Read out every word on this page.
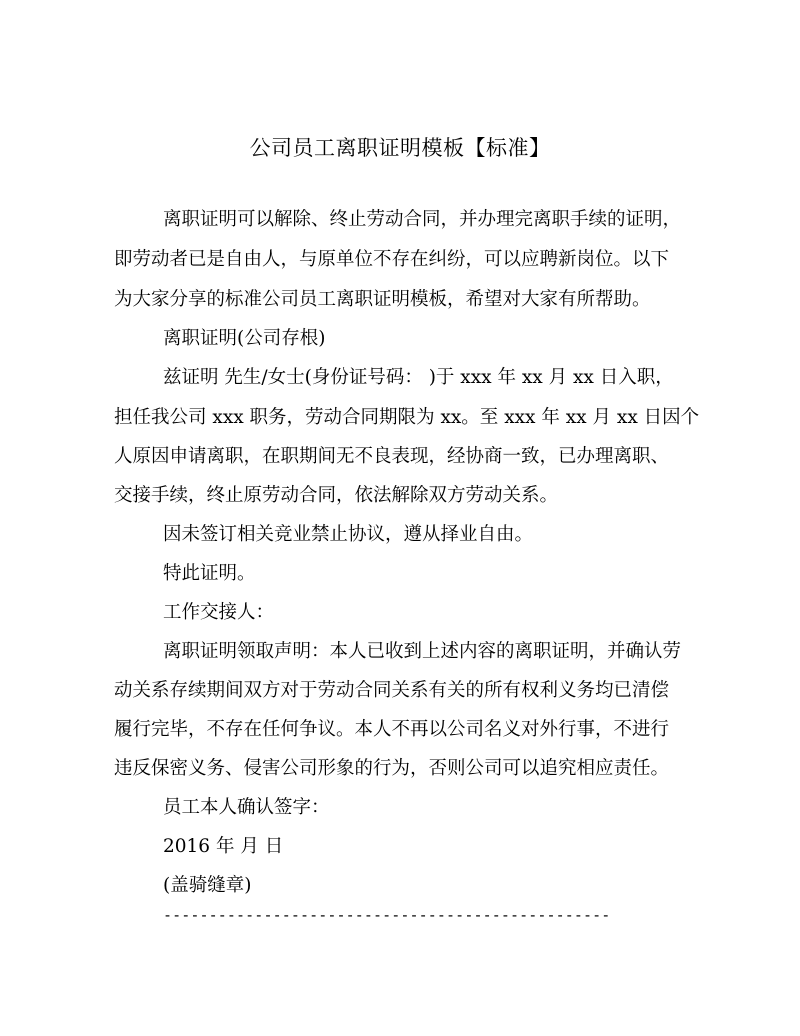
公司员工离职证明模板【标准】
离职证明可以解除、终止劳动合同，并办理完离职手续的证明，
即劳动者已是自由人，与原单位不存在纠纷，可以应聘新岗位。以下
为大家分享的标准公司员工离职证明模板，希望对大家有所帮助。
离职证明(公司存根)
兹证明 先生/女士(身份证号码： )于 xxx 年 xx 月 xx 日入职，
担任我公司 xxx 职务，劳动合同期限为 xx。至 xxx 年 xx 月 xx 日因个
人原因申请离职，在职期间无不良表现，经协商一致，已办理离职、
交接手续，终止原劳动合同，依法解除双方劳动关系。
因未签订相关竞业禁止协议，遵从择业自由。
特此证明。
工作交接人：
离职证明领取声明：本人已收到上述内容的离职证明，并确认劳
动关系存续期间双方对于劳动合同关系有关的所有权利义务均已清偿
履行完毕，不存在任何争议。本人不再以公司名义对外行事，不进行
违反保密义务、侵害公司形象的行为，否则公司可以追究相应责任。
员工本人确认签字：
2016 年 月 日
(盖骑缝章)
-------------------------------------------------
